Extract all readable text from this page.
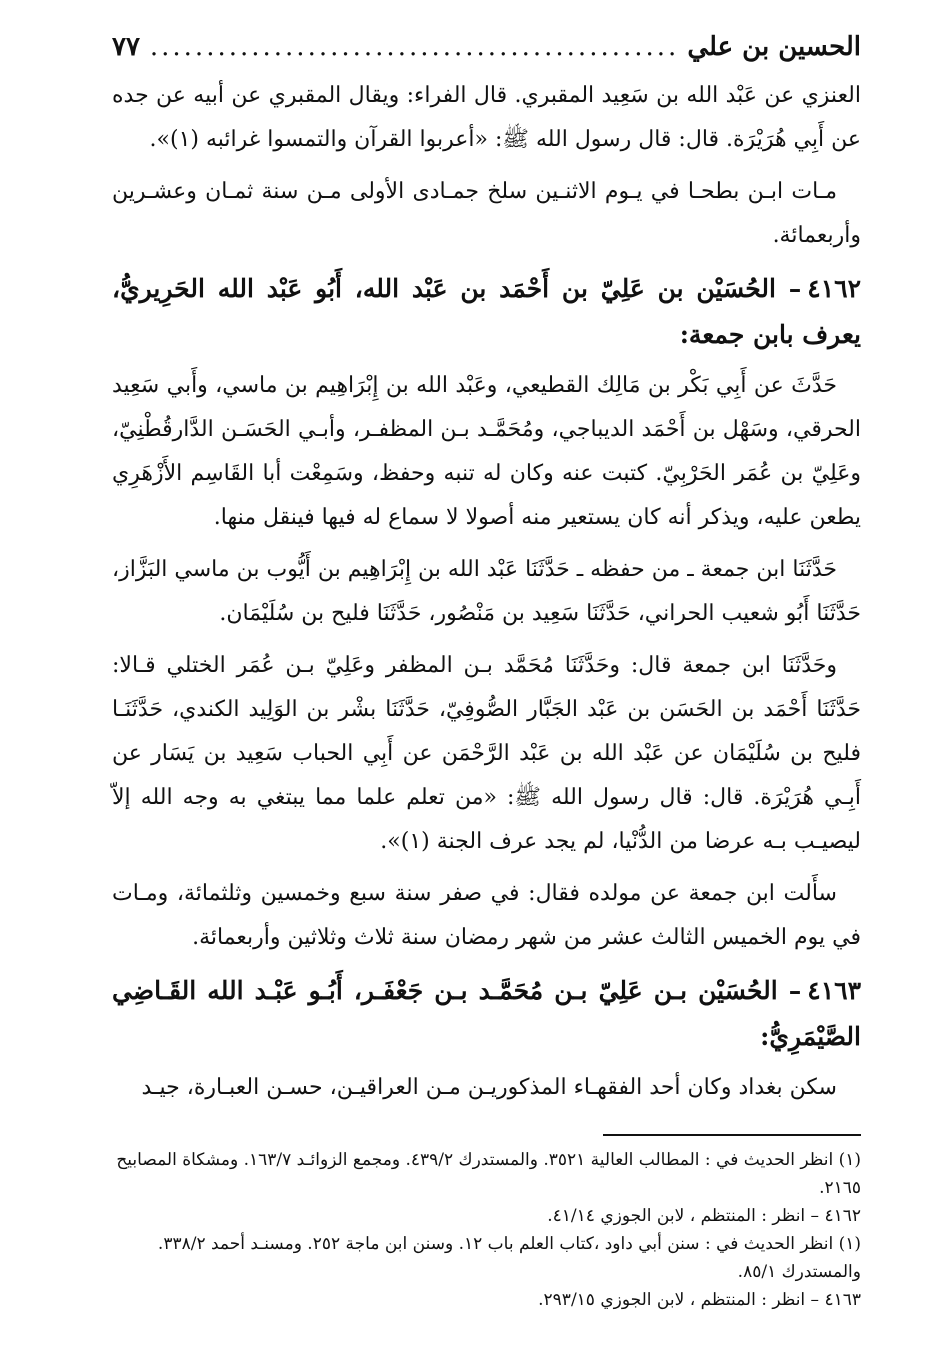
الحسين بن علي
.....
٧٧

العنزي عن عَبْد الله بن سَعِيد المقبري. قال الفراء: ويقال المقبري عن أبيه عن جده عن أَبِي هُرَيْرَة. قال: قال رسول الله ﷺ: «أعربوا القرآن والتمسوا غرائبه (١)».

مـات ابـن بطحـا في يـوم الاثنـين سلخ جمـادى الأولى مـن سنة ثمـان وعشـرين وأربعمائة.

٤١٦٢– الحُسَيْن بن عَلِيّ بن أَحْمَد بن عَبْد الله، أَبُو عَبْد الله الحَرِيريُّ، يعرف بابن جمعة:

حَدَّثَ عن أَبِي بَكْر بن مَالِك القطيعي، وعَبْد الله بن إِبْرَاهِيم بن ماسي، وأَبي سَعِيد الحرقي، وسَهْل بن أَحْمَد الديباجي، ومُحَمَّـد بـن المظفـر، وأبـي الحَسَـن الدَّارقُطْنِيّ، وعَلِيّ بن عُمَر الحَرْبِيّ. كتبت عنه وكان له تنبه وحفظ، وسَمِعْت أبا القَاسِم الأَزْهَرِي يطعن عليه، ويذكر أنه كان يستعير منه أصولا لا سماع له فيها فينقل منها.

حَدَّثَنَا ابن جمعة ـ من حفظه ـ حَدَّثَنَا عَبْد الله بن إِبْرَاهِيم بن أَيُّوب بن ماسي البَزَّاز، حَدَّثَنَا أَبُو شعيب الحراني، حَدَّثَنَا سَعِيد بن مَنْصُور، حَدَّثَنَا فليح بن سُلَيْمَان.

وحَدَّثَنَا ابن جمعة قال: وحَدَّثَنَا مُحَمَّد بـن المظفر وعَلِيّ بـن عُمَر الختلي قـالا: حَدَّثَنَا أَحْمَد بن الحَسَن بن عَبْد الجَبَّار الصُّوفِيّ، حَدَّثَنَا بشْر بن الوَلِيد الكندي، حَدَّثَنَـا فليح بن سُلَيْمَان عن عَبْد الله بن عَبْد الرَّحْمَن عن أَبِي الحباب سَعِيد بن يَسَار عن أَبِـي هُرَيْرَة. قال: قال رسول الله ﷺ: «من تعلم علما مما يبتغي به وجه الله إلاّ ليصيـب بـه عرضا من الدُّنْيا، لم يجد عرف الجنة (١)».

سأَلت ابن جمعة عن مولده فقال: في صفر سنة سبع وخمسين وثلثمائة، ومـات في يوم الخميس الثالث عشر من شهر رمضان سنة ثلاث وثلاثين وأربعمائة.

٤١٦٣– الحُسَيْن بـن عَلِيّ بـن مُحَمَّـد بـن جَعْفَـر، أَبُـو عَبْـد الله القَـاضِي الصَّيْمَرِيُّ:

سكن بغداد وكان أحد الفقهـاء المذكوريـن مـن العراقيـن، حسـن العبـارة، جيـد

(١) انظر الحديث في : المطالب العالية ٣٥٢١. والمستدرك ٤٣٩/٢. ومجمع الزوائـد ١٦٣/٧. ومشكاة المصابيح ٢١٦٥.

٤١٦٢ – انظر : المنتظم ، لابن الجوزي ٤١/١٤.

(١) انظر الحديث في : سنن أبي داود ،كتاب العلم باب ١٢. وسنن ابن ماجة ٢٥٢. ومسنـد أحمد ٣٣٨/٢. والمستدرك ٨٥/١.

٤١٦٣ – انظر : المنتظم ، لابن الجوزي ٢٩٣/١٥.
